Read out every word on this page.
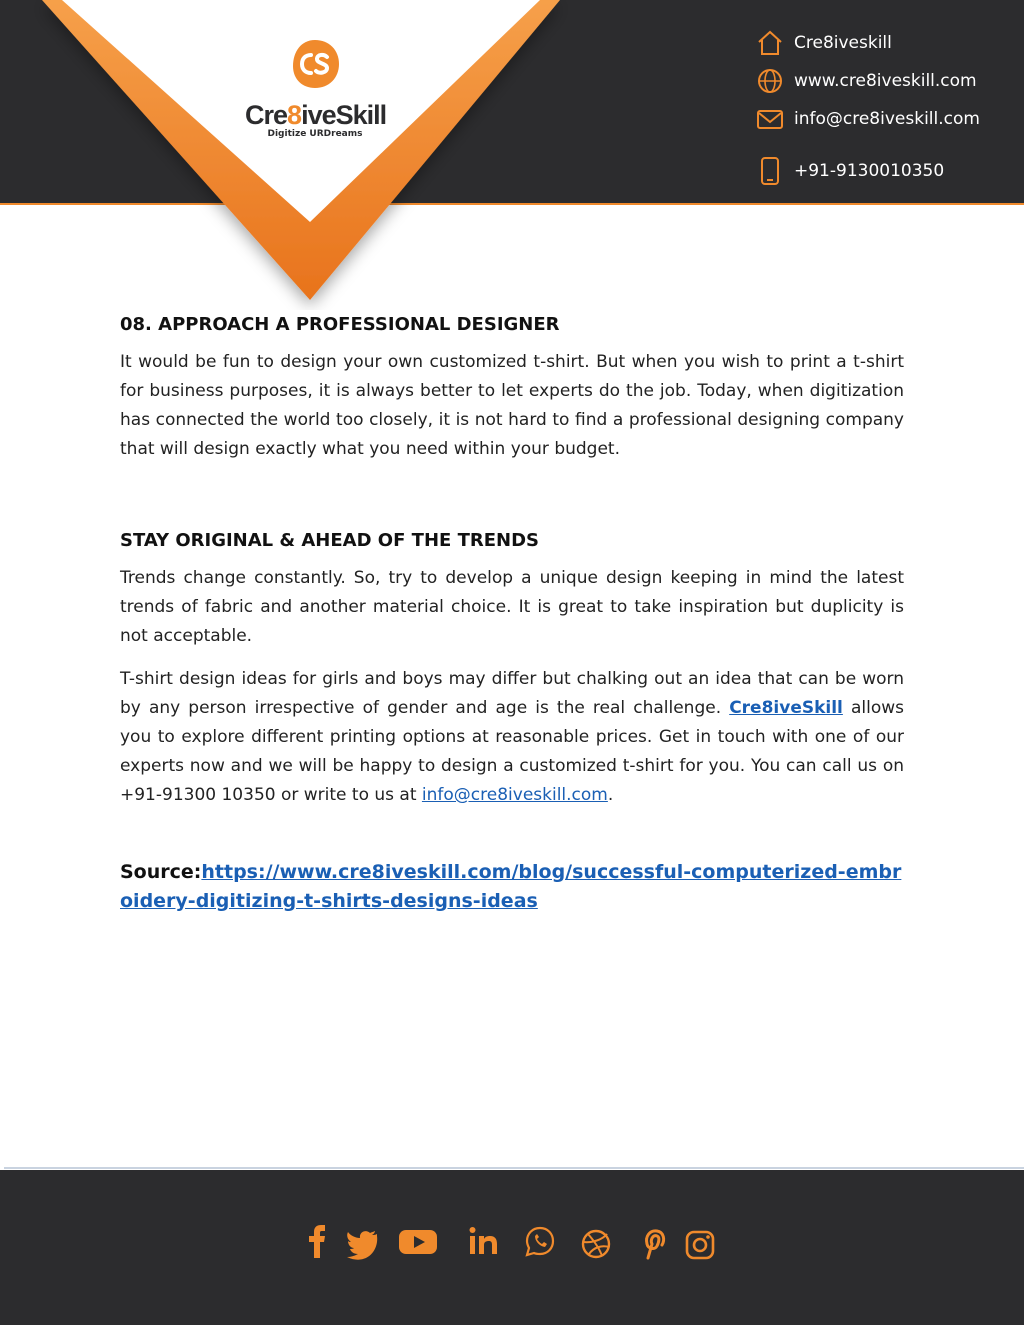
Cre8iveSkill
Digitize URDreams
Cre8iveskill
www.cre8iveskill.com
info@cre8iveskill.com
+91-9130010350
08. APPROACH A PROFESSIONAL DESIGNER

It would be fun to design your own customized t-shirt. But when you wish to print a t-shirt for business purposes, it is always better to let experts do the job. Today, when digitization has connected the world too closely, it is not hard to find a professional designing company that will design exactly what you need within your budget.

STAY ORIGINAL & AHEAD OF THE TRENDS

Trends change constantly. So, try to develop a unique design keeping in mind the latest trends of fabric and another material choice. It is great to take inspiration but duplicity is not acceptable.

T-shirt design ideas for girls and boys may differ but chalking out an idea that can be worn by any person irrespective of gender and age is the real challenge. Cre8iveSkill allows you to explore different printing options at reasonable prices. Get in touch with one of our experts now and we will be happy to design a customized t-shirt for you. You can call us on +91-91300 10350 or write to us at info@cre8iveskill.com.

Source:https://www.cre8iveskill.com/blog/successful-computerized-embroidery-digitizing-t-shirts-designs-ideas
